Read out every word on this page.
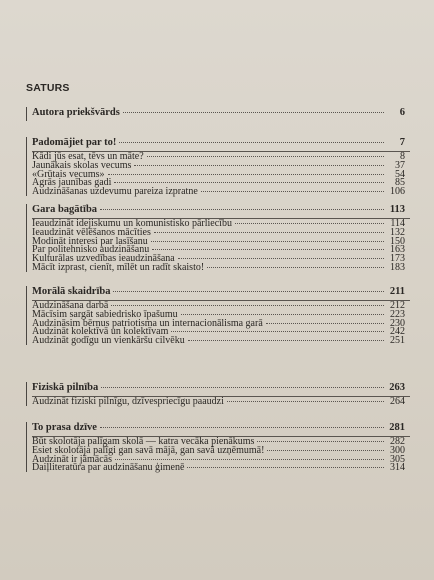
SATURS
Autora priekšvārds	6
Padomājiet par to!	7
Kādi jūs esat, tēvs un māte?	8
Jaunākais skolas vecums	37
«Grūtais vecums»	54
Agrās jaunības gadi	85
Audzināšanas uzdevumu pareiza izpratne	106
Gara bagātība	113
Ieaudzināt idejiskumu un komunistisko pārliecību	114
Ieaudzināt vēlēšanos mācīties	132
Modināt interesi par lasīšanu	150
Par politehnisko audzināšanu	163
Kulturālas uzvedības ieaudzināšana	173
Mācīt izprast, cienīt, mīlēt un radīt skaisto!	183
Morālā skaidrība	211
Audzināšana darbā	212
Mācīsim sargāt sabiedrisko īpašumu	223
Audzināsim bērnus patriotisma un internacionālisma garā	230
Audzināt kolektīvā un kolektīvam	242
Audzināt godīgu un vienkāršu cilvēku	251
Fiziskā pilnība	263
Audzināt fiziski pilnīgu, dzīvespriecīgu paaudzi	264
To prasa dzīve	281
Būt skolotāja palīgam skolā — katra vecāka pienākums	282
Esiet skolotāja palīgi gan savā mājā, gan savā uzņēmumā!	300
Audzināt ir jāmācās	305
Daiļliteratūra par audzināšanu ģimenē	314
